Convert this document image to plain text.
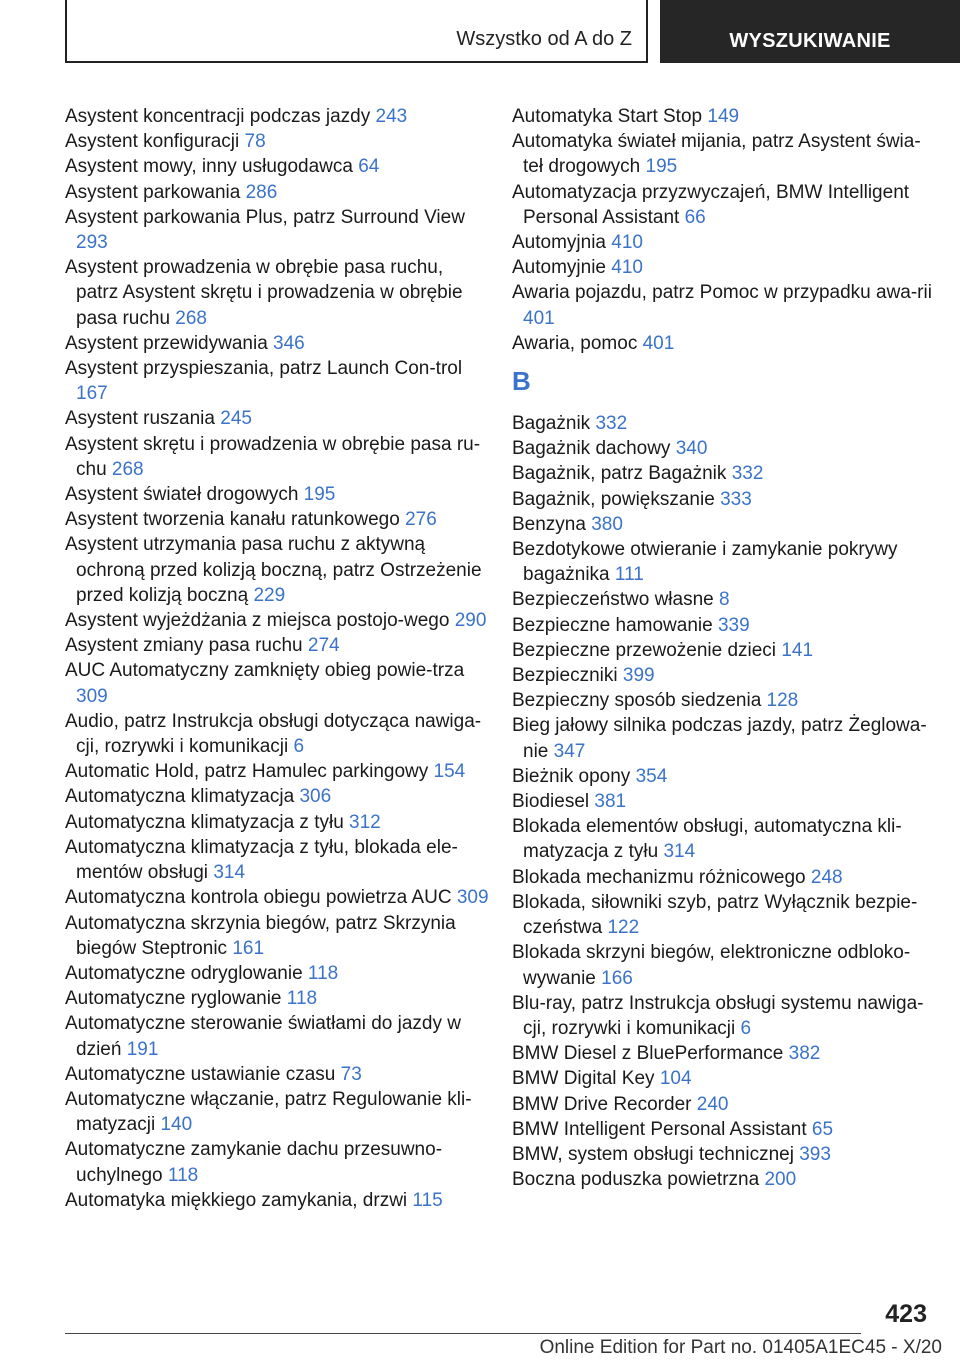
Wszystko od A do Z	WYSZUKIWANIE
Asystent koncentracji podczas jazdy 243
Asystent konfiguracji 78
Asystent mowy, inny usługodawca 64
Asystent parkowania 286
Asystent parkowania Plus, patrz Surround View 293
Asystent prowadzenia w obrębie pasa ruchu, patrz Asystent skrętu i prowadzenia w obrębie pasa ruchu 268
Asystent przewidywania 346
Asystent przyspieszania, patrz Launch Con-trol 167
Asystent ruszania 245
Asystent skrętu i prowadzenia w obrębie pasa ru-chu 268
Asystent świateł drogowych 195
Asystent tworzenia kanału ratunkowego 276
Asystent utrzymania pasa ruchu z aktywną ochroną przed kolizją boczną, patrz Ostrzeżenie przed kolizją boczną 229
Asystent wyjeżdżania z miejsca postojo-wego 290
Asystent zmiany pasa ruchu 274
AUC Automatyczny zamknięty obieg powie-trza 309
Audio, patrz Instrukcja obsługi dotycząca nawiga-cji, rozrywki i komunikacji 6
Automatic Hold, patrz Hamulec parkingowy 154
Automatyczna klimatyzacja 306
Automatyczna klimatyzacja z tyłu 312
Automatyczna klimatyzacja z tyłu, blokada ele-mentów obsługi 314
Automatyczna kontrola obiegu powietrza AUC 309
Automatyczna skrzynia biegów, patrz Skrzynia biegów Steptronic 161
Automatyczne odryglowanie 118
Automatyczne ryglowanie 118
Automatyczne sterowanie światłami do jazdy w dzień 191
Automatyczne ustawianie czasu 73
Automatyczne włączanie, patrz Regulowanie kli-matyzacji 140
Automatyczne zamykanie dachu przesuwno-uchylnego 118
Automatyka miękkiego zamykania, drzwi 115
Automatyka Start Stop 149
Automatyka świateł mijania, patrz Asystent świa-teł drogowych 195
Automatyzacja przyzwyczajeń, BMW Intelligent Personal Assistant 66
Automyjnia 410
Automyjnie 410
Awaria pojazdu, patrz Pomoc w przypadku awa-rii 401
Awaria, pomoc 401
B
Bagażnik 332
Bagażnik dachowy 340
Bagażnik, patrz Bagażnik 332
Bagażnik, powiększanie 333
Benzyna 380
Bezdotykowe otwieranie i zamykanie pokrywy bagażnika 111
Bezpieczeństwo własne 8
Bezpieczne hamowanie 339
Bezpieczne przewożenie dzieci 141
Bezpieczniki 399
Bezpieczny sposób siedzenia 128
Bieg jałowy silnika podczas jazdy, patrz Żeglowa-nie 347
Bieżnik opony 354
Biodiesel 381
Blokada elementów obsługi, automatyczna kli-matyzacja z tyłu 314
Blokada mechanizmu różnicowego 248
Blokada, siłowniki szyb, patrz Wyłącznik bezpie-czeństwa 122
Blokada skrzyni biegów, elektroniczne odbloko-wywanie 166
Blu-ray, patrz Instrukcja obsługi systemu nawiga-cji, rozrywki i komunikacji 6
BMW Diesel z BluePerformance 382
BMW Digital Key 104
BMW Drive Recorder 240
BMW Intelligent Personal Assistant 65
BMW, system obsługi technicznej 393
Boczna poduszka powietrzna 200
423
Online Edition for Part no. 01405A1EC45 - X/20
